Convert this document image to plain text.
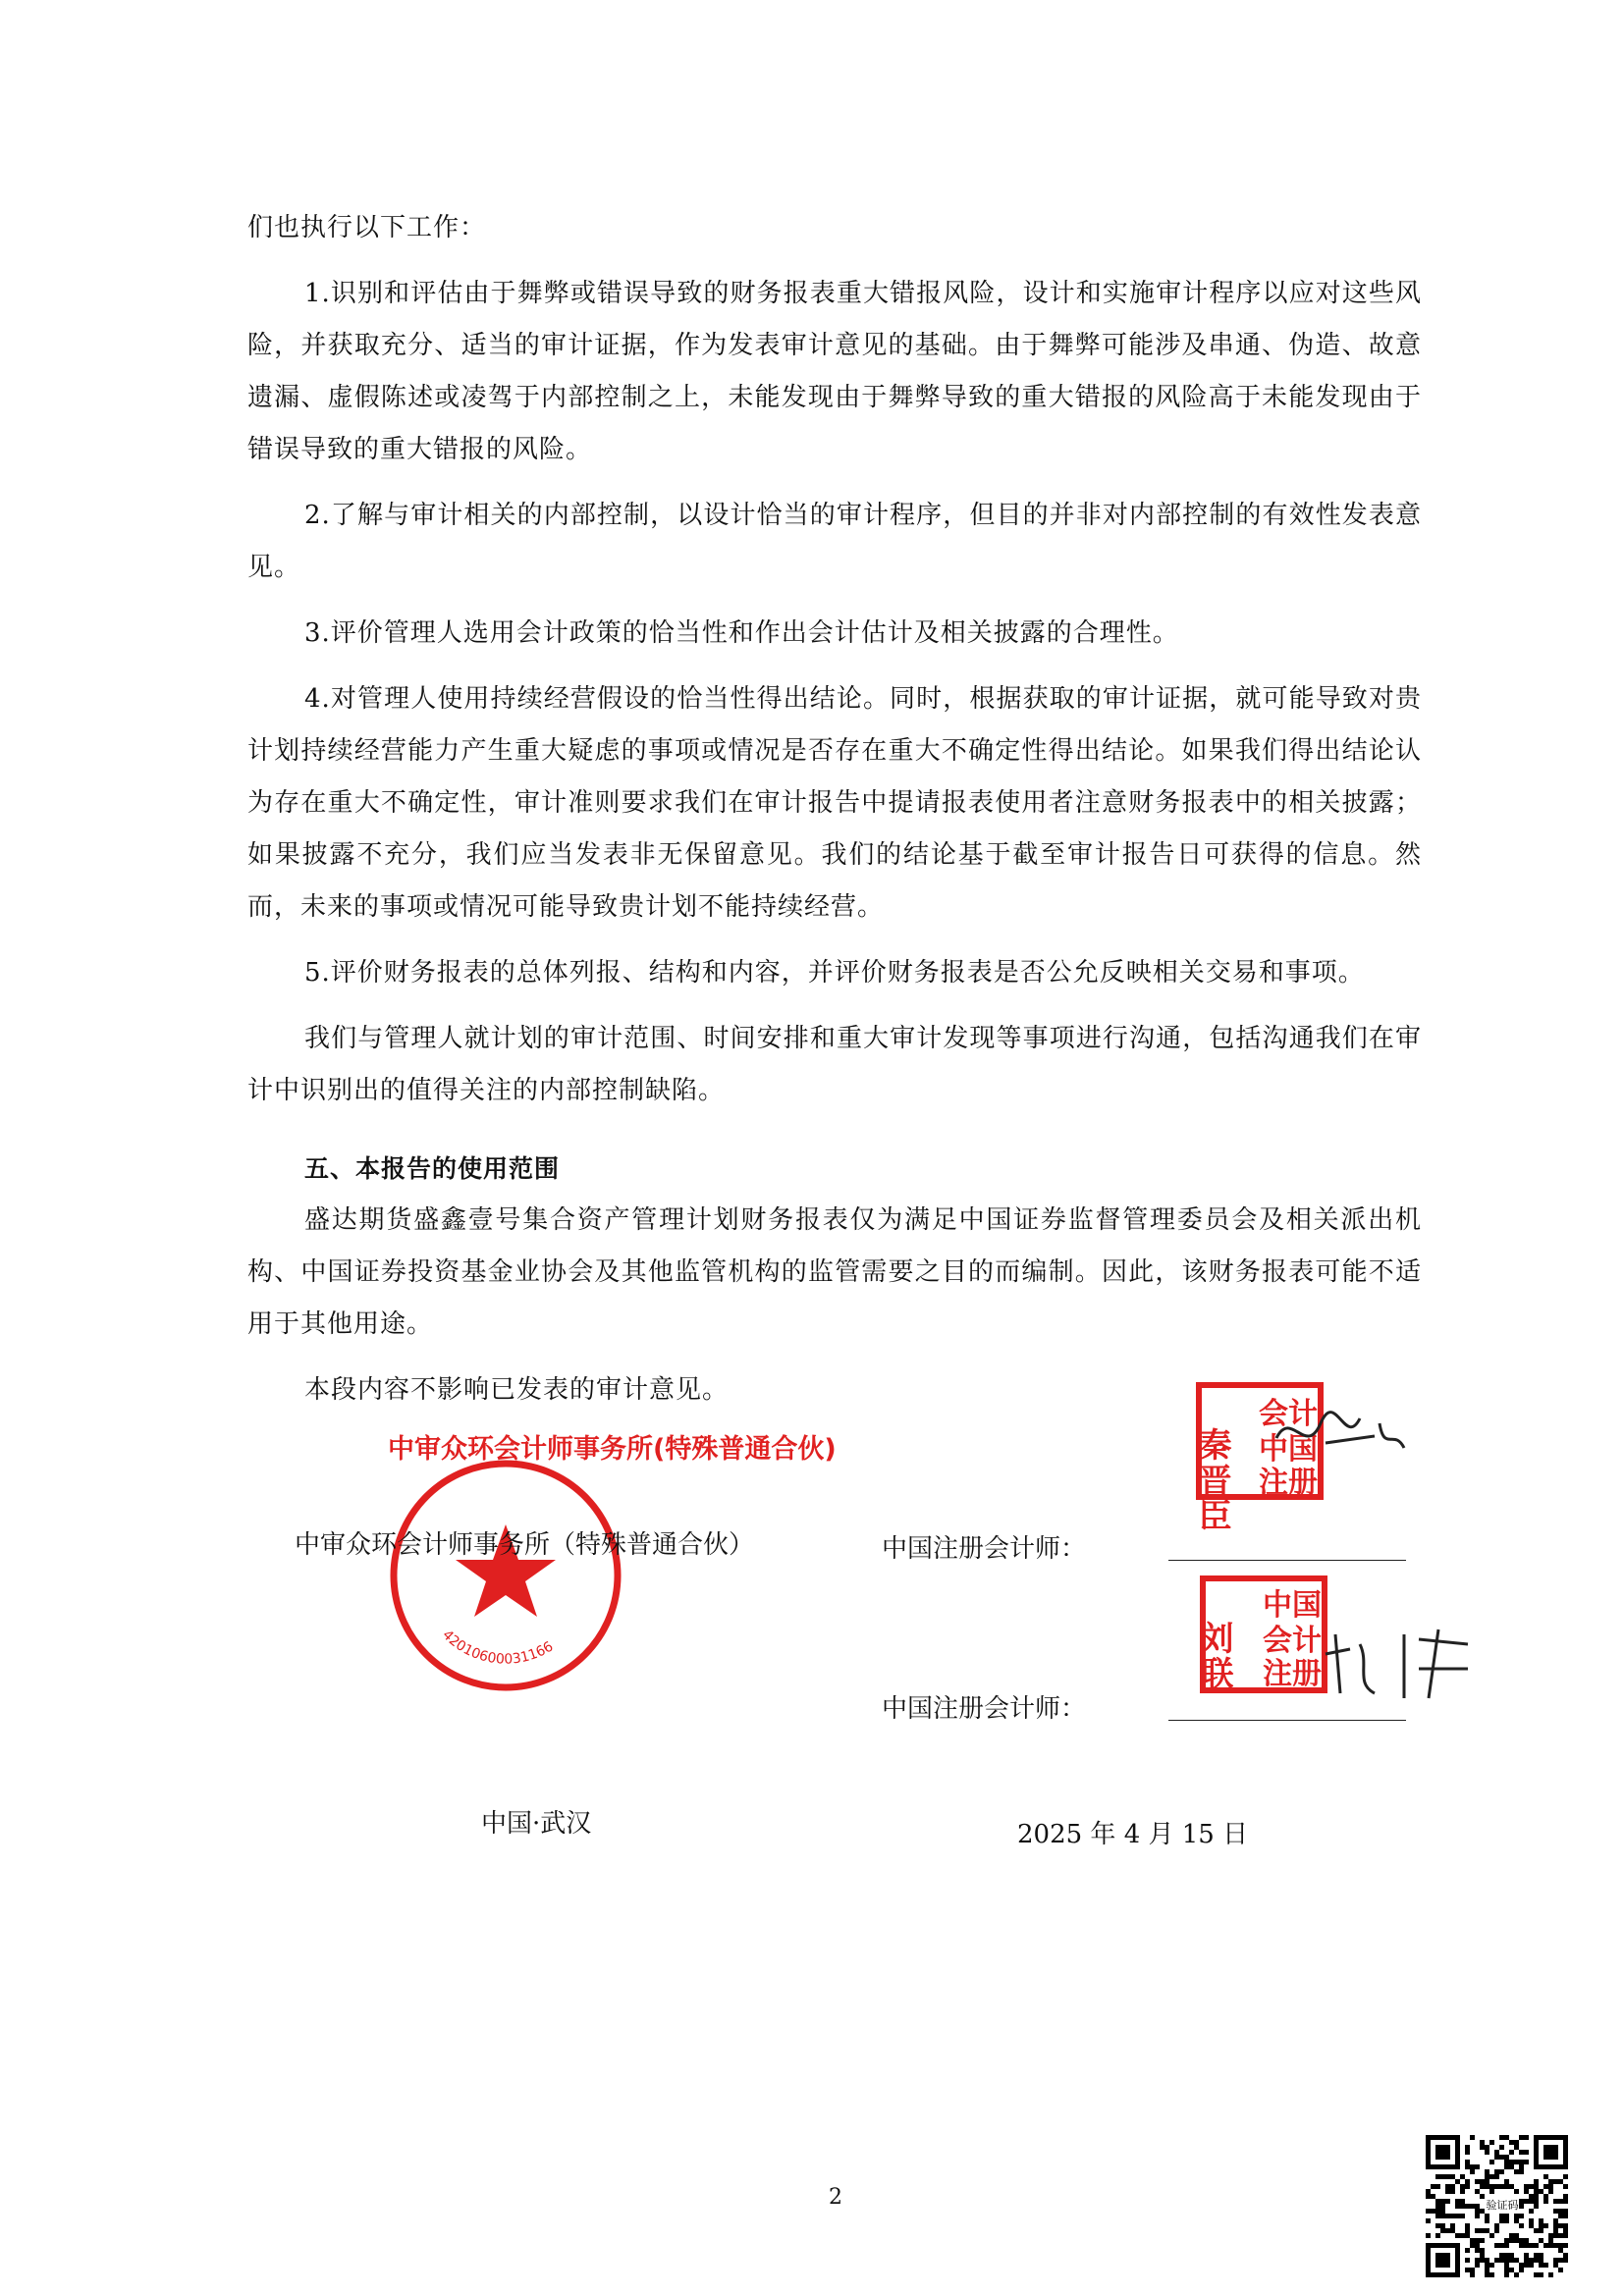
们也执行以下工作：

1.识别和评估由于舞弊或错误导致的财务报表重大错报风险，设计和实施审计程序以应对这些风险，并获取充分、适当的审计证据，作为发表审计意见的基础。由于舞弊可能涉及串通、伪造、故意遗漏、虚假陈述或凌驾于内部控制之上，未能发现由于舞弊导致的重大错报的风险高于未能发现由于错误导致的重大错报的风险。

2.了解与审计相关的内部控制，以设计恰当的审计程序，但目的并非对内部控制的有效性发表意见。

3.评价管理人选用会计政策的恰当性和作出会计估计及相关披露的合理性。

4.对管理人使用持续经营假设的恰当性得出结论。同时，根据获取的审计证据，就可能导致对贵计划持续经营能力产生重大疑虑的事项或情况是否存在重大不确定性得出结论。如果我们得出结论认为存在重大不确定性，审计准则要求我们在审计报告中提请报表使用者注意财务报表中的相关披露；如果披露不充分，我们应当发表非无保留意见。我们的结论基于截至审计报告日可获得的信息。然而，未来的事项或情况可能导致贵计划不能持续经营。

5.评价财务报表的总体列报、结构和内容，并评价财务报表是否公允反映相关交易和事项。

我们与管理人就计划的审计范围、时间安排和重大审计发现等事项进行沟通，包括沟通我们在审计中识别出的值得关注的内部控制缺陷。

五、本报告的使用范围

盛达期货盛鑫壹号集合资产管理计划财务报表仅为满足中国证券监督管理委员会及相关派出机构、中国证券投资基金业协会及其他监管机构的监管需要之目的而编制。因此，该财务报表可能不适用于其他用途。

本段内容不影响已发表的审计意见。

中审众环会计师事务所(特殊普通合伙)
42010600031166
中审众环会计师事务所（特殊普通合伙）
秦晋臣
会计
中国
注册
中国注册会计师：
刘联
中国
会计
注册
中国注册会计师：
中国·武汉	2025 年 4 月 15 日
2	验证码
